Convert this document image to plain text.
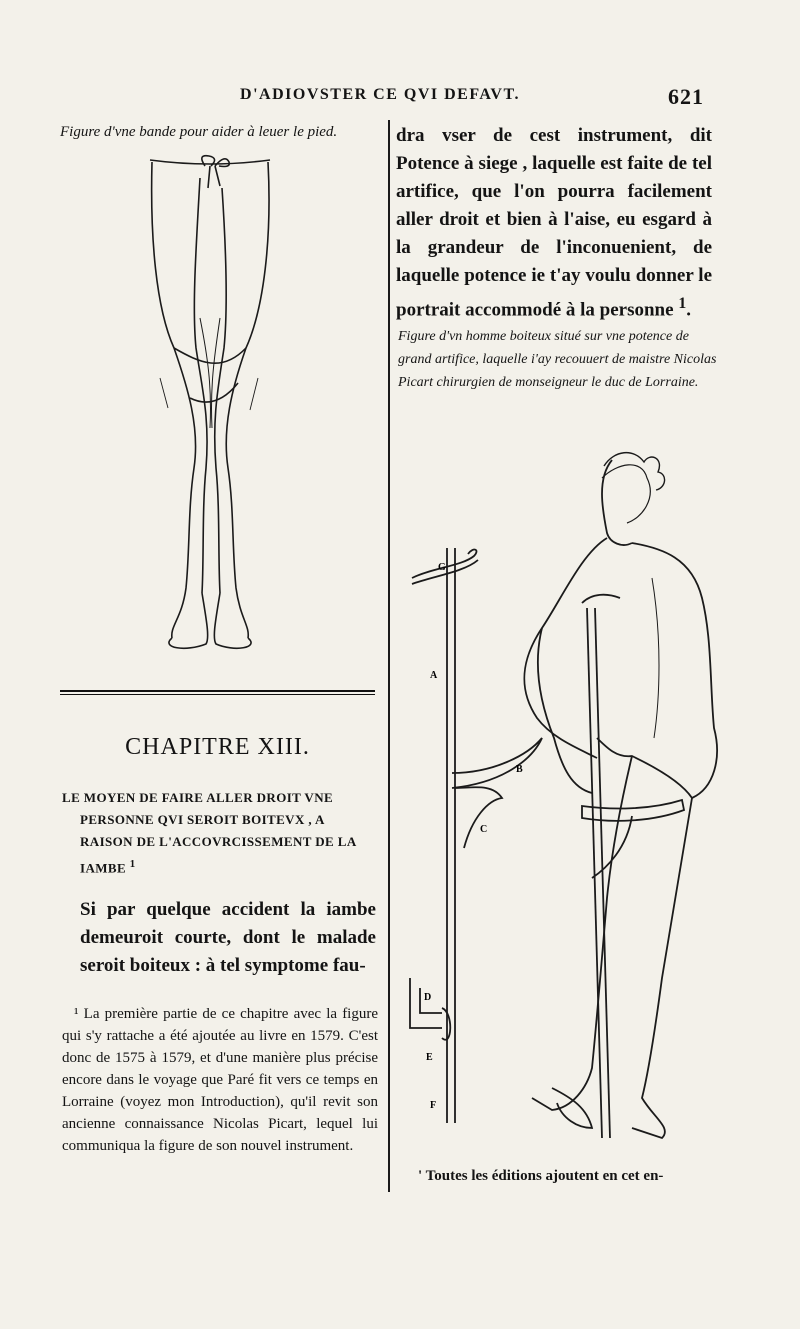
D'ADIOVSTER CE QVI DEFAVT.	621
Figure d'vne bande pour aider à leuer le pied.
CHAPITRE XIII.
LE MOYEN DE FAIRE ALLER DROIT VNE
PERSONNE QVI SEROIT BOITEVX , A
RAISON DE L'ACCOVRCISSEMENT DE LA
IAMBE $^1$
Si par quelque accident la iambe demeuroit courte, dont le malade seroit boiteux : à tel symptome fau-
¹ La première partie de ce chapitre avec la figure qui s'y rattache a été ajoutée au livre en 1579. C'est donc de 1575 à 1579, et d'une manière plus précise encore dans le voyage que Paré fit vers ce temps en Lorraine (voyez mon Introduction), qu'il revit son ancienne connaissance Nicolas Picart, lequel lui communiqua la figure de son nouvel instrument.
dra vser de cest instrument, dit Potence à siege , laquelle est faite de tel artifice, que l'on pourra facilement aller droit et bien à l'aise, eu esgard à la grandeur de l'inconuenient, de laquelle potence ie t'ay voulu donner le portrait accommodé à la personne $^1$.
Figure d'vn homme boiteux situé sur vne potence de grand artifice, laquelle i'ay recouuert de maistre Nicolas Picart chirurgien de monseigneur le duc de Lorraine.
G
A
B
C
D
E
F
' Toutes les éditions ajoutent en cet en-
